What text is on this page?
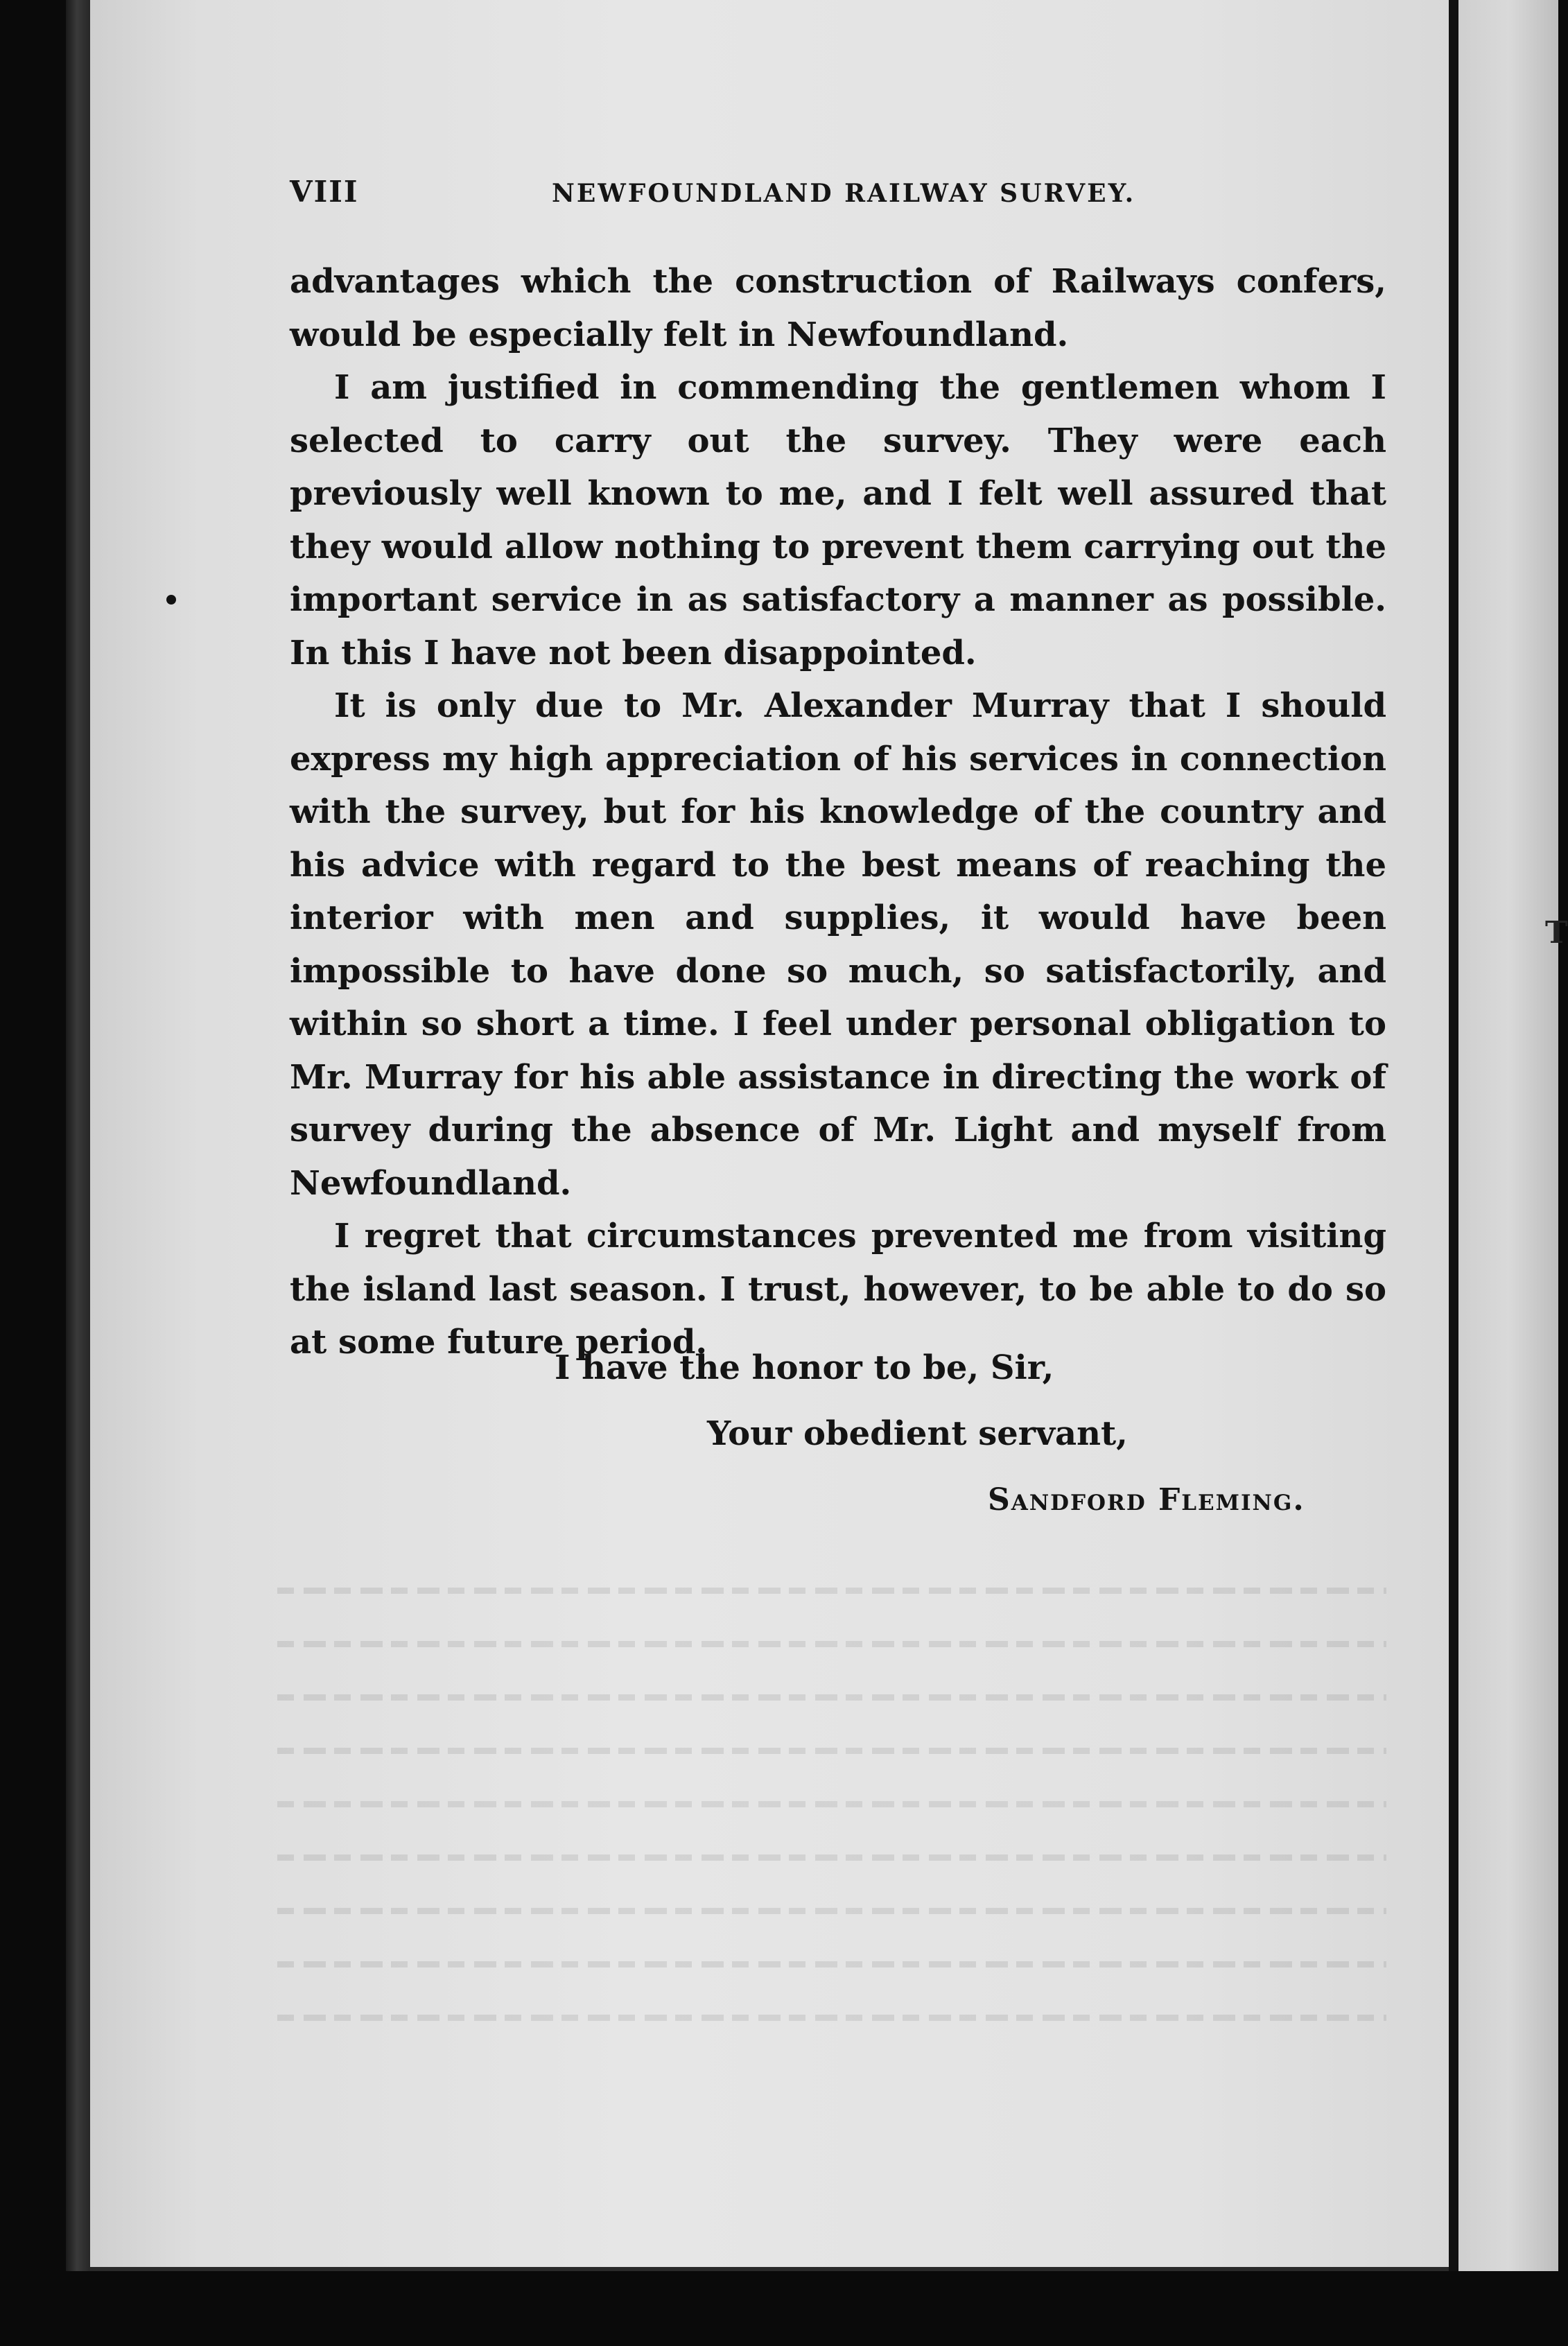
T
VIII	NEWFOUNDLAND RAILWAY SURVEY.

advantages which the construction of Railways confers, would be especially felt in Newfoundland.

I am justified in commending the gentlemen whom I selected to carry out the survey. They were each previously well known to me, and I felt well assured that they would allow nothing to prevent them carrying out the important service in as satisfactory a manner as possible. In this I have not been disappointed.

It is only due to Mr. Alexander Murray that I should express my high appreciation of his services in connection with the survey, but for his knowledge of the country and his advice with regard to the best means of reaching the interior with men and supplies, it would have been impossible to have done so much, so satisfactorily, and within so short a time. I feel under personal obligation to Mr. Murray for his able assistance in directing the work of survey during the absence of Mr. Light and myself from Newfoundland.

I regret that circumstances prevented me from visiting the island last season. I trust, however, to be able to do so at some future period.

I have the honor to be, Sir,
Your obedient servant,
Sandford Fleming.
